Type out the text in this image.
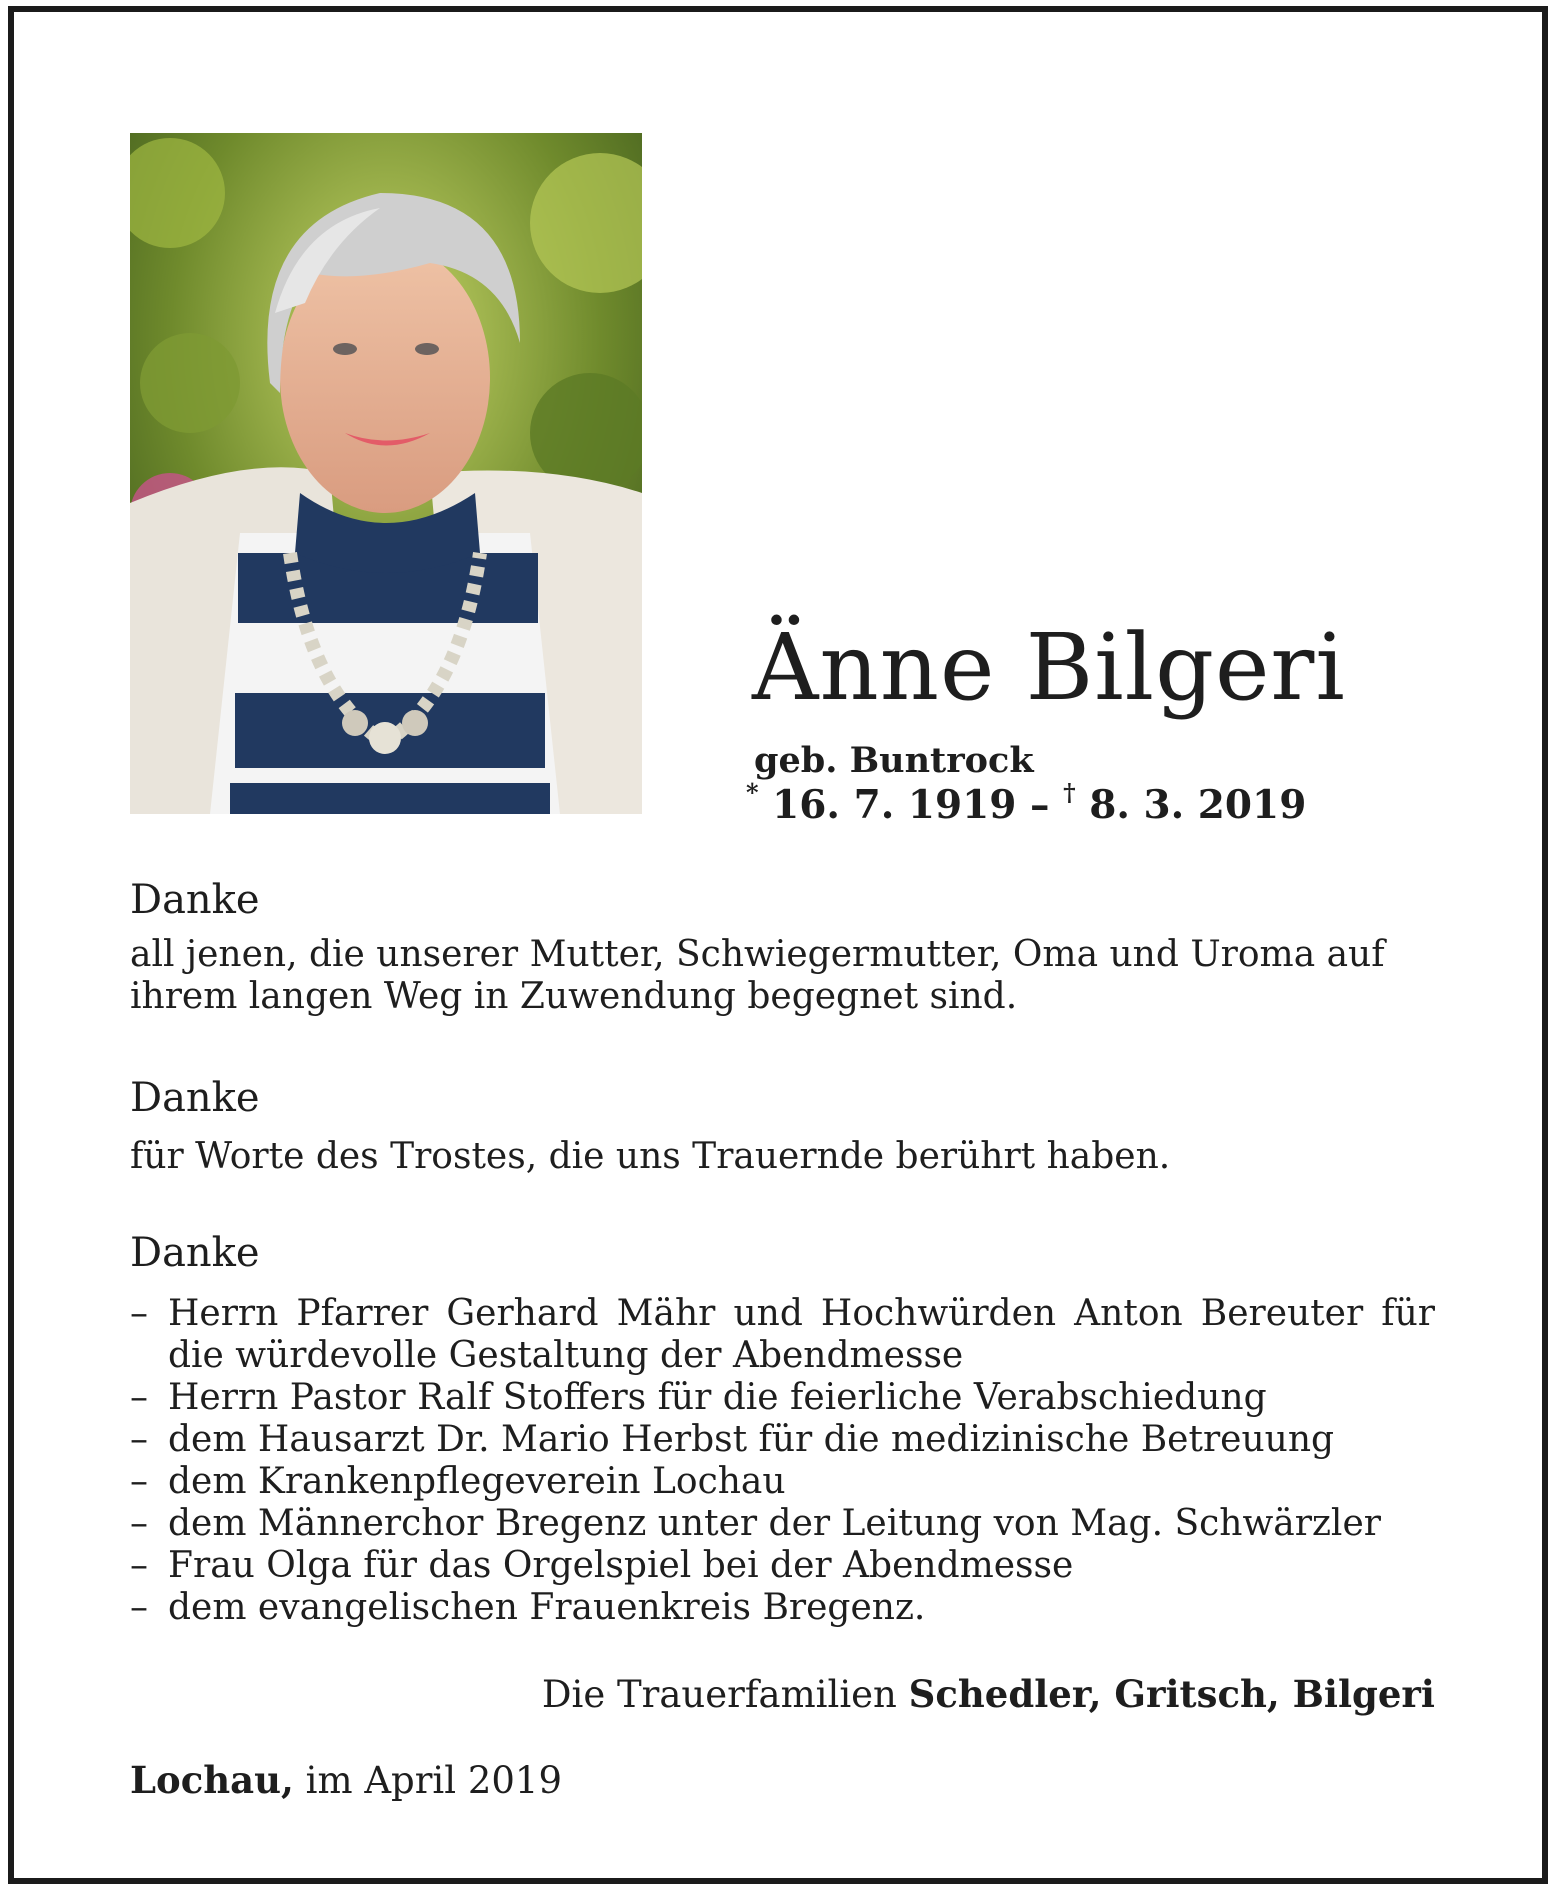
Änne Bilgeri
geb. Buntrock
* 16. 7. 1919 – † 8. 3. 2019
Danke

all jenen, die unserer Mutter, Schwiegermutter, Oma und Uroma auf ihrem langen Weg in Zuwendung begegnet sind.

Danke

für Worte des Trostes, die uns Trauernde berührt haben.

Danke
– Herrn Pfarrer Gerhard Mähr und Hochwürden Anton Bereuter für die würdevolle Gestaltung der Abendmesse
– Herrn Pastor Ralf Stoffers für die feierliche Verabschiedung
– dem Hausarzt Dr. Mario Herbst für die medizinische Betreuung
– dem Krankenpflegeverein Lochau
– dem Männerchor Bregenz unter der Leitung von Mag. Schwärzler
– Frau Olga für das Orgelspiel bei der Abendmesse
– dem evangelischen Frauenkreis Bregenz.
Die Trauerfamilien Schedler, Gritsch, Bilgeri
Lochau, im April 2019
